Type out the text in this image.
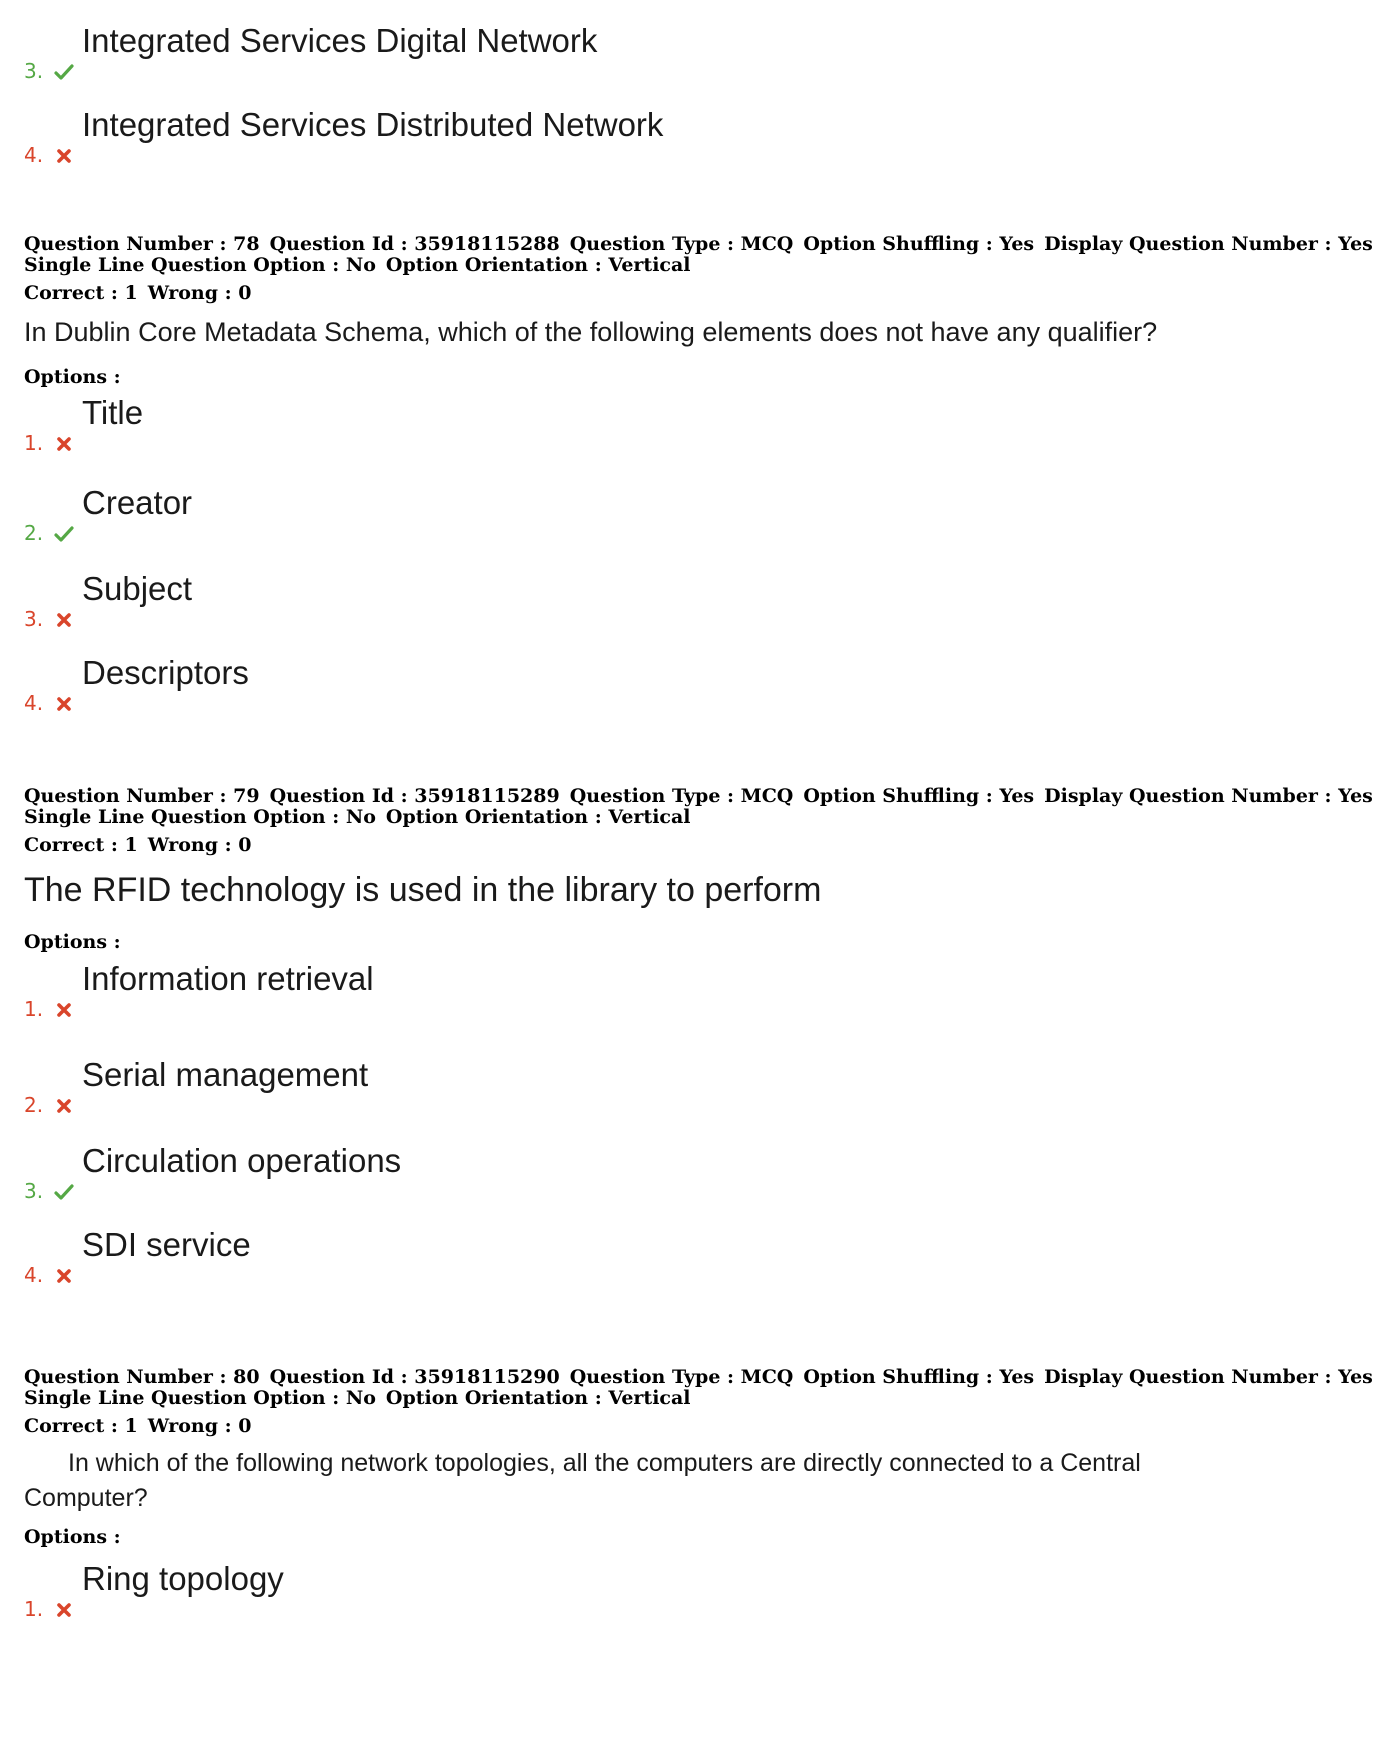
3.
Integrated Services Digital Network
4.
Integrated Services Distributed Network
Question Number : 78 Question Id : 35918115288 Question Type : MCQ Option Shuffling : Yes Display Question Number : Yes
Single Line Question Option : No Option Orientation : Vertical
Correct : 1 Wrong : 0
In Dublin Core Metadata Schema, which of the following elements does not have any qualifier?
Options :
1.
Title
2.
Creator
3.
Subject
4.
Descriptors
Question Number : 79 Question Id : 35918115289 Question Type : MCQ Option Shuffling : Yes Display Question Number : Yes
Single Line Question Option : No Option Orientation : Vertical
Correct : 1 Wrong : 0
The RFID technology is used in the library to perform
Options :
1.
Information retrieval
2.
Serial management
3.
Circulation operations
4.
SDI service
Question Number : 80 Question Id : 35918115290 Question Type : MCQ Option Shuffling : Yes Display Question Number : Yes
Single Line Question Option : No Option Orientation : Vertical
Correct : 1 Wrong : 0
In which of the following network topologies, all the computers are directly connected to a Central Computer?
Options :
1.
Ring topology
